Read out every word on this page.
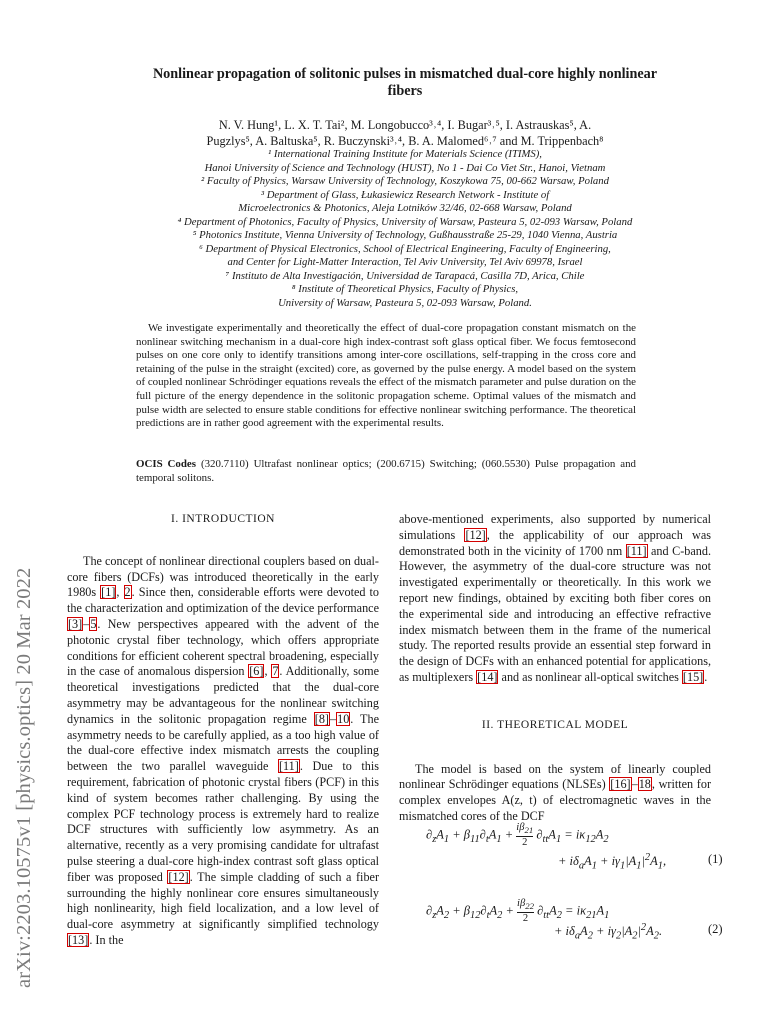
arXiv:2203.10575v1 [physics.optics] 20 Mar 2022
Nonlinear propagation of solitonic pulses in mismatched dual-core highly nonlinear
fibers
N. V. Hung¹, L. X. T. Tai², M. Longobucco³˒⁴, I. Bugar³˒⁵, I. Astrauskas⁵, A.
Pugzlys⁵, A. Baltuska⁵, R. Buczynski³˒⁴, B. A. Malomed⁶˒⁷ and M. Trippenbach⁸
¹ International Training Institute for Materials Science (ITIMS),
Hanoi University of Science and Technology (HUST), No 1 - Dai Co Viet Str., Hanoi, Vietnam
² Faculty of Physics, Warsaw University of Technology, Koszykowa 75, 00-662 Warsaw, Poland
³ Department of Glass, Łukasiewicz Research Network - Institute of
Microelectronics & Photonics, Aleja Lotników 32/46, 02-668 Warsaw, Poland
⁴ Department of Photonics, Faculty of Physics, University of Warsaw, Pasteura 5, 02-093 Warsaw, Poland
⁵ Photonics Institute, Vienna University of Technology, Gußhausstraße 25-29, 1040 Vienna, Austria
⁶ Department of Physical Electronics, School of Electrical Engineering, Faculty of Engineering,
and Center for Light-Matter Interaction, Tel Aviv University, Tel Aviv 69978, Israel
⁷ Instituto de Alta Investigación, Universidad de Tarapacá, Casilla 7D, Arica, Chile
⁸ Institute of Theoretical Physics, Faculty of Physics,
University of Warsaw, Pasteura 5, 02-093 Warsaw, Poland.
We investigate experimentally and theoretically the effect of dual-core propagation constant mismatch on the nonlinear switching mechanism in a dual-core high index-contrast soft glass optical fiber. We focus femtosecond pulses on one core only to identify transitions among inter-core oscillations, self-trapping in the cross core and retaining of the pulse in the straight (excited) core, as governed by the pulse energy. A model based on the system of coupled nonlinear Schrödinger equations reveals the effect of the mismatch parameter and pulse duration on the full picture of the energy dependence in the solitonic propagation scheme. Optimal values of the mismatch and pulse width are selected to ensure stable conditions for effective nonlinear switching performance. The theoretical predictions are in rather good agreement with the experimental results.
OCIS Codes (320.7110) Ultrafast nonlinear optics; (200.6715) Switching; (060.5530) Pulse propagation and temporal solitons.

I. INTRODUCTION

The concept of nonlinear directional couplers based on dual-core fibers (DCFs) was introduced theoretically in the early 1980s [1], 2. Since then, considerable efforts were devoted to the characterization and optimization of the device performance [3]–5. New perspectives appeared with the advent of the photonic crystal fiber technology, which offers appropriate conditions for efficient coherent spectral broadening, especially in the case of anomalous dispersion [6], 7. Additionally, some theoretical investigations predicted that the dual-core asymmetry may be advantageous for the nonlinear switching dynamics in the solitonic propagation regime [8]–10. The asymmetry needs to be carefully applied, as a too high value of the dual-core effective index mismatch arrests the coupling between the two parallel waveguide [11]. Due to this requirement, fabrication of photonic crystal fibers (PCF) in this kind of system becomes rather challenging. By using the complex PCF technology process is extremely hard to realize DCF structures with sufficiently low asymmetry. As an alternative, recently as a very promising candidate for ultrafast pulse steering a dual-core high-index contrast soft glass optical fiber was proposed [12]. The simple cladding of such a fiber surrounding the highly nonlinear core ensures simultaneously high nonlinearity, high field localization, and a low level of dual-core asymmetry at significantly simplified technology [13]. In the

above-mentioned experiments, also supported by numerical simulations [12], the applicability of our approach was demonstrated both in the vicinity of 1700 nm [11] and C-band. However, the asymmetry of the dual-core structure was not investigated experimentally or theoretically. In this work we report new findings, obtained by exciting both fiber cores on the experimental side and introducing an effective refractive index mismatch between them in the frame of the numerical study. The reported results provide an essential step forward in the design of DCFs with an enhanced potential for applications, as multiplexers [14] and as nonlinear all-optical switches [15].

II. THEORETICAL MODEL

The model is based on the system of linearly coupled nonlinear Schrödinger equations (NLSEs) [16]–18, written for complex envelopes A(z, t) of electromagnetic waves in the mismatched cores of the DCF

$\partial_zA_1 + \beta_{11}\partial_tA_1 + \frac{i\beta_{21}}{2} \partial_{tt}A_1 = i\kappa_{12}A_2$
+ $i\delta_aA_1 + i\gamma_1|A_1|^2A_1$,	(1)
$\partial_zA_2 + \beta_{12}\partial_tA_2 + \frac{i\beta_{22}}{2} \partial_{tt}A_2 = i\kappa_{21}A_1$
+ $i\delta_aA_2 + i\gamma_2|A_2|^2A_2$.	(2)
